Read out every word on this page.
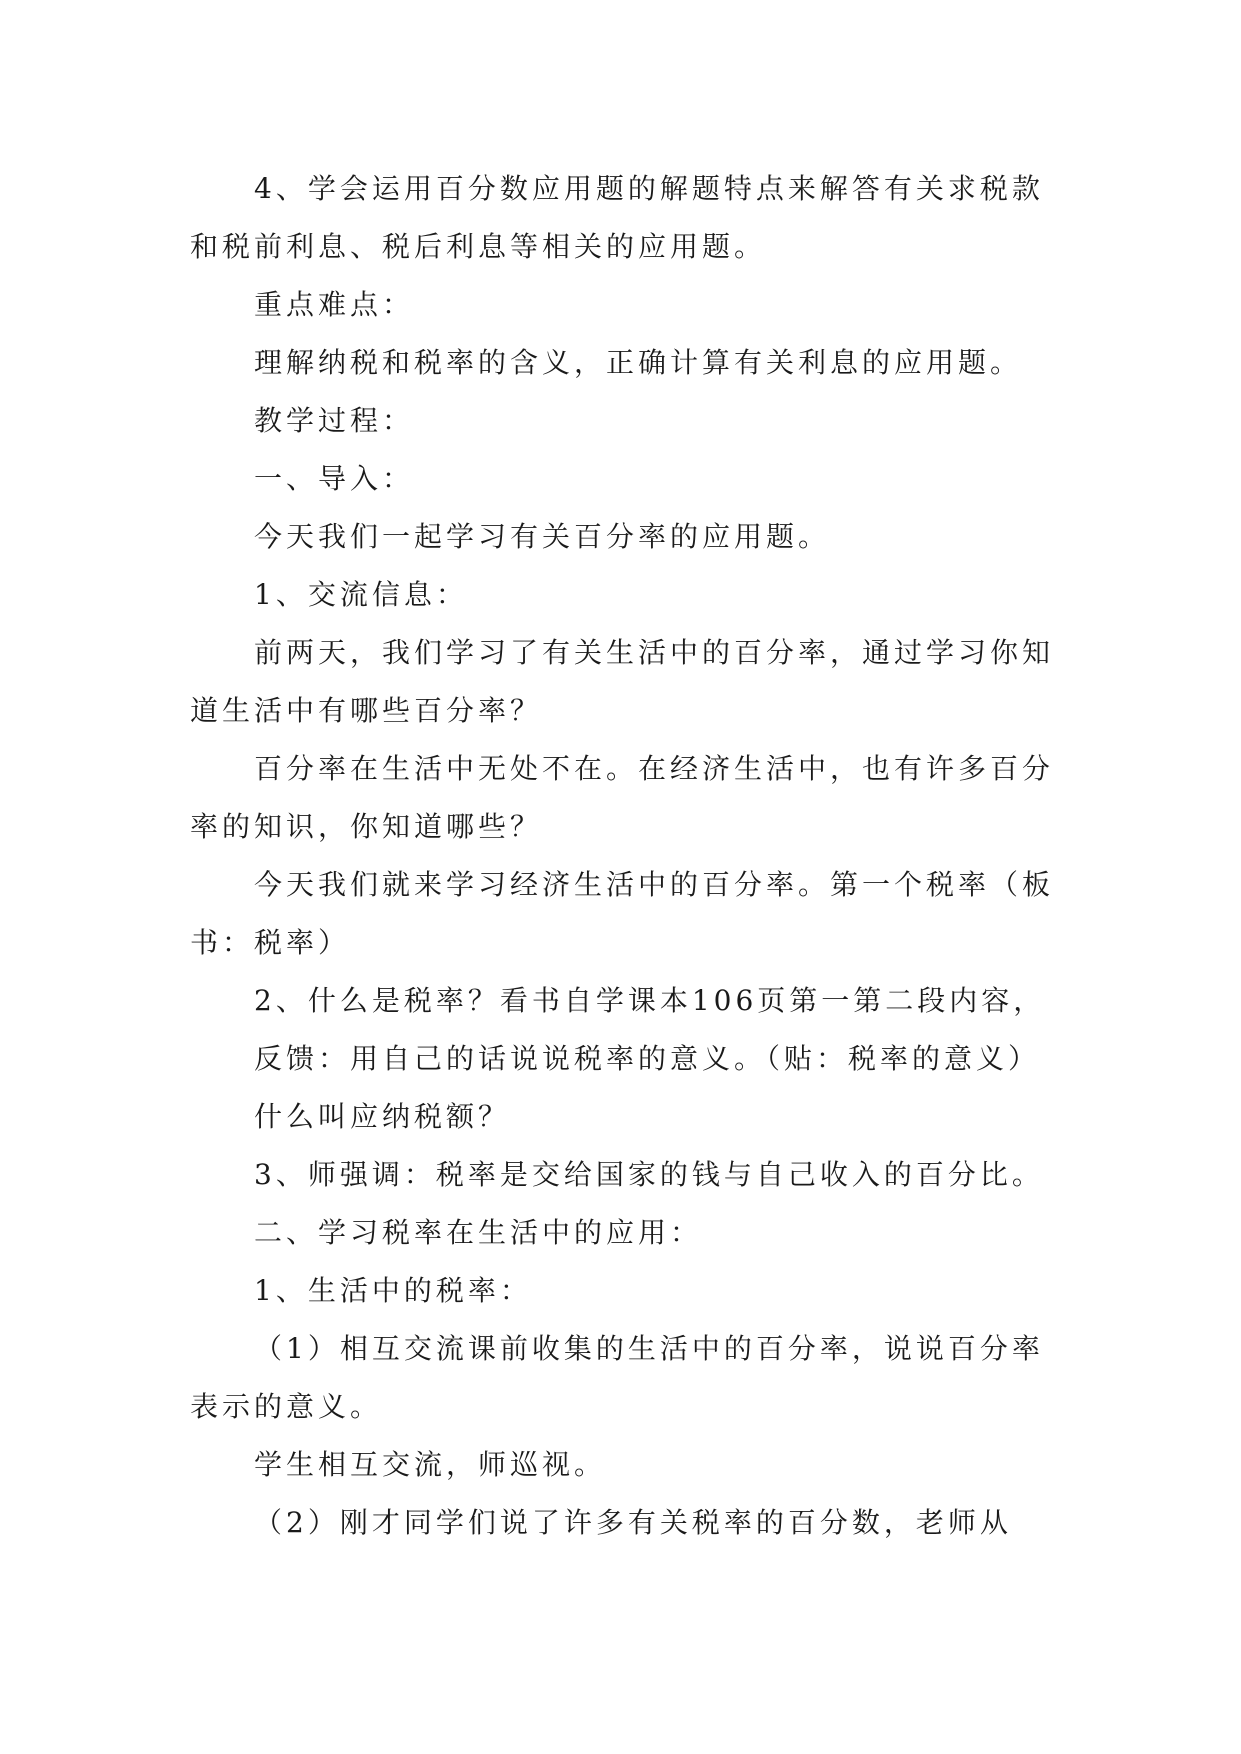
4、学会运用百分数应用题的解题特点来解答有关求税款和税前利息、税后利息等相关的应用题。

重点难点：

理解纳税和税率的含义，正确计算有关利息的应用题。

教学过程：

一、导入：

今天我们一起学习有关百分率的应用题。

1、交流信息：

前两天，我们学习了有关生活中的百分率，通过学习你知道生活中有哪些百分率？

百分率在生活中无处不在。在经济生活中，也有许多百分率的知识，你知道哪些？

今天我们就来学习经济生活中的百分率。第一个税率（板书：税率）

2、什么是税率？看书自学课本106页第一第二段内容，

反馈：用自己的话说说税率的意义。（贴：税率的意义）

什么叫应纳税额？

3、师强调：税率是交给国家的钱与自己收入的百分比。

二、学习税率在生活中的应用：

1、生活中的税率：

（1）相互交流课前收集的生活中的百分率，说说百分率表示的意义。

学生相互交流，师巡视。

（2）刚才同学们说了许多有关税率的百分数，老师从
